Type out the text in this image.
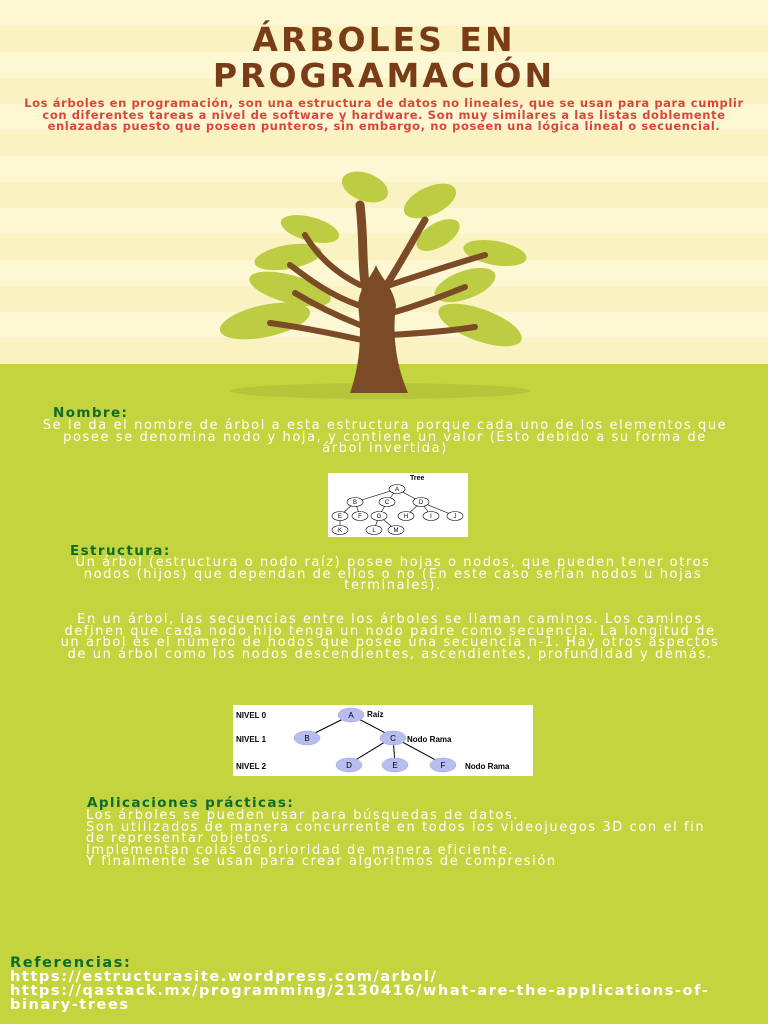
ÁRBOLES EN
PROGRAMACIÓN

Los árboles en programación, son una estructura de datos no lineales, que se usan para para cumplir con diferentes tareas a nivel de software y hardware. Son muy similares a las listas doblemente enlazadas puesto que poseen punteros, sin embargo, no poseen una lógica lineal o secuencial.

Nombre:

Se le da el nombre de árbol a esta estructura porque cada uno de los elementos que posee se denomina nodo y hoja, y contiene un valor (Esto debido a su forma de árbol invertida)

Tree
A
B	C	D
E	F G	H	I	J
K	L	M
Estructura:

Un árbol (estructura o nodo raíz) posee hojas o nodos, que pueden tener otros nodos (hijos) que dependan de ellos o no (En este caso serían nodos u hojas terminales).

En un árbol, las secuencias entre los árboles se llaman caminos. Los caminos definen que cada nodo hijo tenga un nodo padre como secuencia. La longitud de un árbol es el número de nodos que posee una secuencia n-1. Hay otros aspectos de un árbol como los nodos descendientes, ascendientes, profundidad y demás.

NIVEL 0
NIVEL 1
NIVEL 2
Raíz
Nodo Rama
Nodo Rama
A
B	C
D	E	F
Aplicaciones prácticas:
Los árboles se pueden usar para búsquedas de datos.
Son utilizados de manera concurrente en todos los videojuegos 3D con el fin de representar objetos.
Implementan colas de prioridad de manera eficiente.
Y finalmente se usan para crear algoritmos de compresión
Referencias:
https://estructurasite.wordpress.com/arbol/
https://qastack.mx/programming/2130416/what-are-the-applications-of-binary-trees
